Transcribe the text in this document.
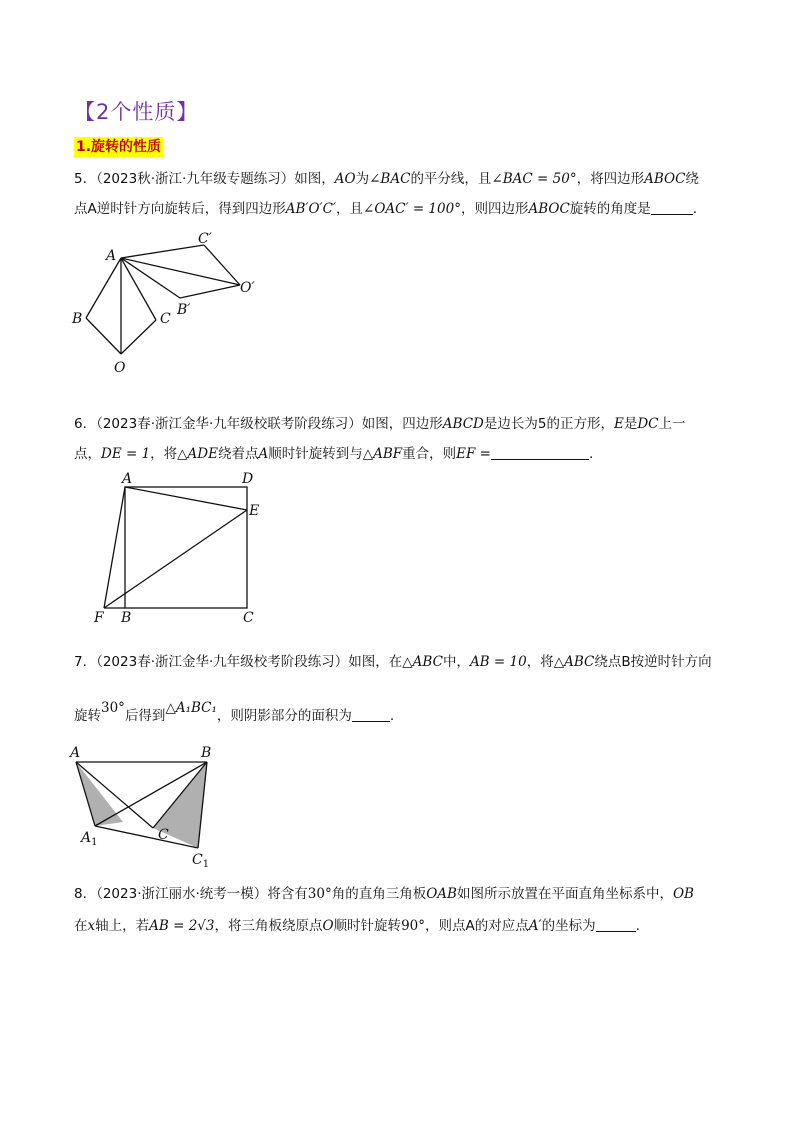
【2个性质】
1.旋转的性质
5．（2023秋·浙江·九年级专题练习）如图，AO为∠BAC的平分线，且∠BAC = 50°，将四边形ABOC绕
点A逆时针方向旋转后，得到四边形AB′O′C′，且∠OAC′ = 100°，则四边形ABOC旋转的角度是	.
A
B	C
O
B′
C′
O′
6．（2023春·浙江金华·九年级校联考阶段练习）如图，四边形ABCD是边长为5的正方形，E是DC上一
点，DE = 1，将△ADE绕着点A顺时针旋转到与△ABF重合，则EF =	.
A	D
E
F B	C
7．（2023春·浙江金华·九年级校考阶段练习）如图，在△ABC中，AB = 10，将△ABC绕点B按逆时针方向
旋转30°后得到△A₁BC₁，则阴影部分的面积为	.
A	B
C
$A_1$
$C_1$
8．（2023·浙江丽水·统考一模）将含有30°角的直角三角板OAB如图所示放置在平面直角坐标系中，OB
在x轴上，若AB = 2√3，将三角板绕原点O顺时针旋转90°，则点A的对应点A′的坐标为	.
